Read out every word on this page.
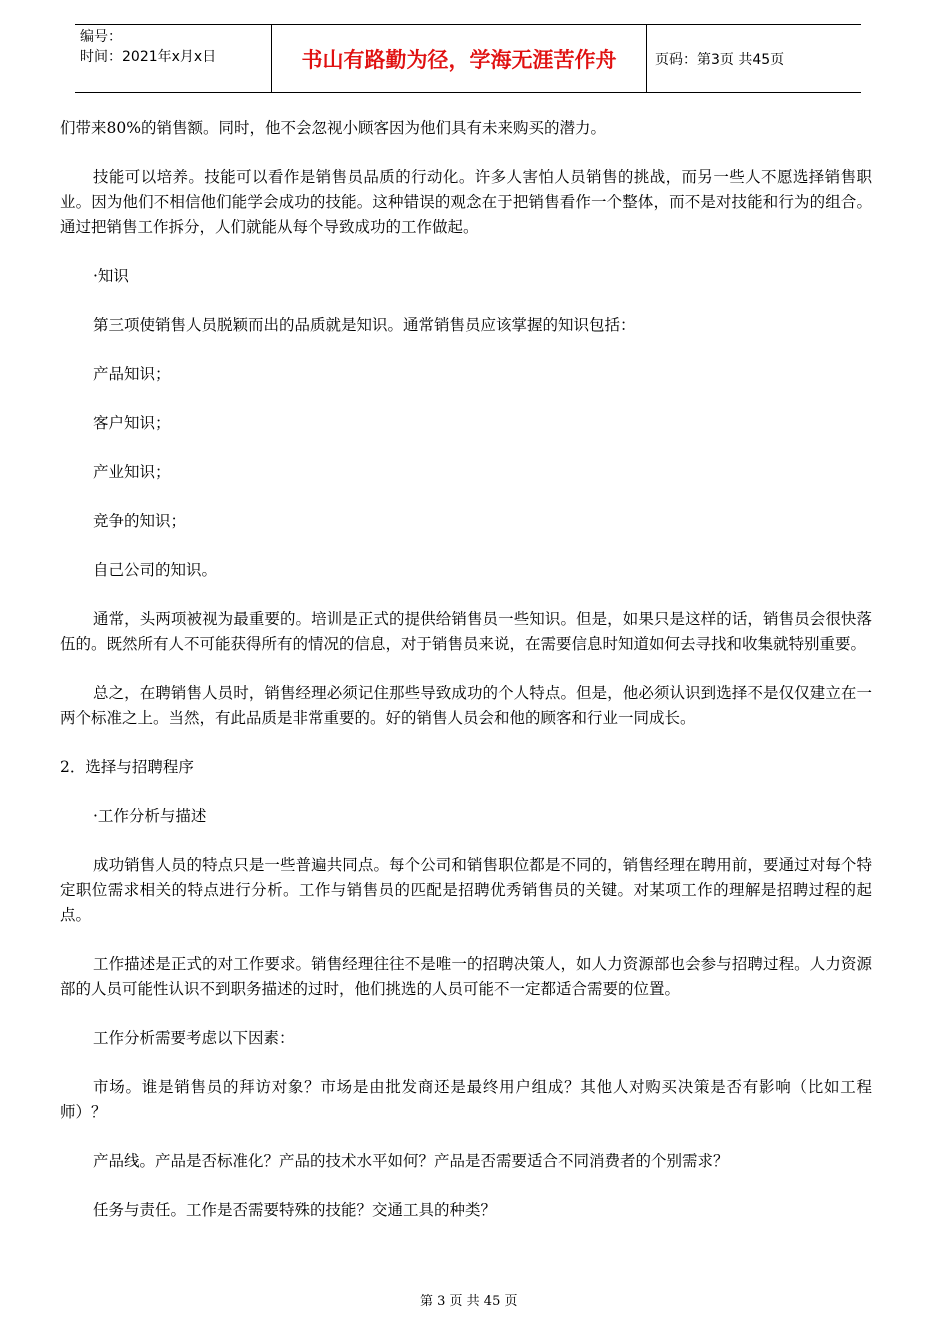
编号：
时间：2021年x月x日	书山有路勤为径，学海无涯苦作舟	页码：第3页 共45页

们带来80%的销售额。同时，他不会忽视小顾客因为他们具有未来购买的潜力。

技能可以培养。技能可以看作是销售员品质的行动化。许多人害怕人员销售的挑战，而另一些人不愿选择销售职业。因为他们不相信他们能学会成功的技能。这种错误的观念在于把销售看作一个整体，而不是对技能和行为的组合。通过把销售工作拆分，人们就能从每个导致成功的工作做起。

·知识

第三项使销售人员脱颖而出的品质就是知识。通常销售员应该掌握的知识包括：

产品知识；

客户知识；

产业知识；

竞争的知识；

自己公司的知识。

通常，头两项被视为最重要的。培训是正式的提供给销售员一些知识。但是，如果只是这样的话，销售员会很快落伍的。既然所有人不可能获得所有的情况的信息，对于销售员来说，在需要信息时知道如何去寻找和收集就特别重要。

总之，在聘销售人员时，销售经理必须记住那些导致成功的个人特点。但是，他必须认识到选择不是仅仅建立在一两个标准之上。当然，有此品质是非常重要的。好的销售人员会和他的顾客和行业一同成长。

2．选择与招聘程序

·工作分析与描述

成功销售人员的特点只是一些普遍共同点。每个公司和销售职位都是不同的，销售经理在聘用前，要通过对每个特定职位需求相关的特点进行分析。工作与销售员的匹配是招聘优秀销售员的关键。对某项工作的理解是招聘过程的起点。

工作描述是正式的对工作要求。销售经理往往不是唯一的招聘决策人，如人力资源部也会参与招聘过程。人力资源部的人员可能性认识不到职务描述的过时，他们挑选的人员可能不一定都适合需要的位置。

工作分析需要考虑以下因素：

市场。谁是销售员的拜访对象？市场是由批发商还是最终用户组成？其他人对购买决策是否有影响（比如工程师）？

产品线。产品是否标准化？产品的技术水平如何？产品是否需要适合不同消费者的个别需求？

任务与责任。工作是否需要特殊的技能？交通工具的种类？

第 3 页 共 45 页
